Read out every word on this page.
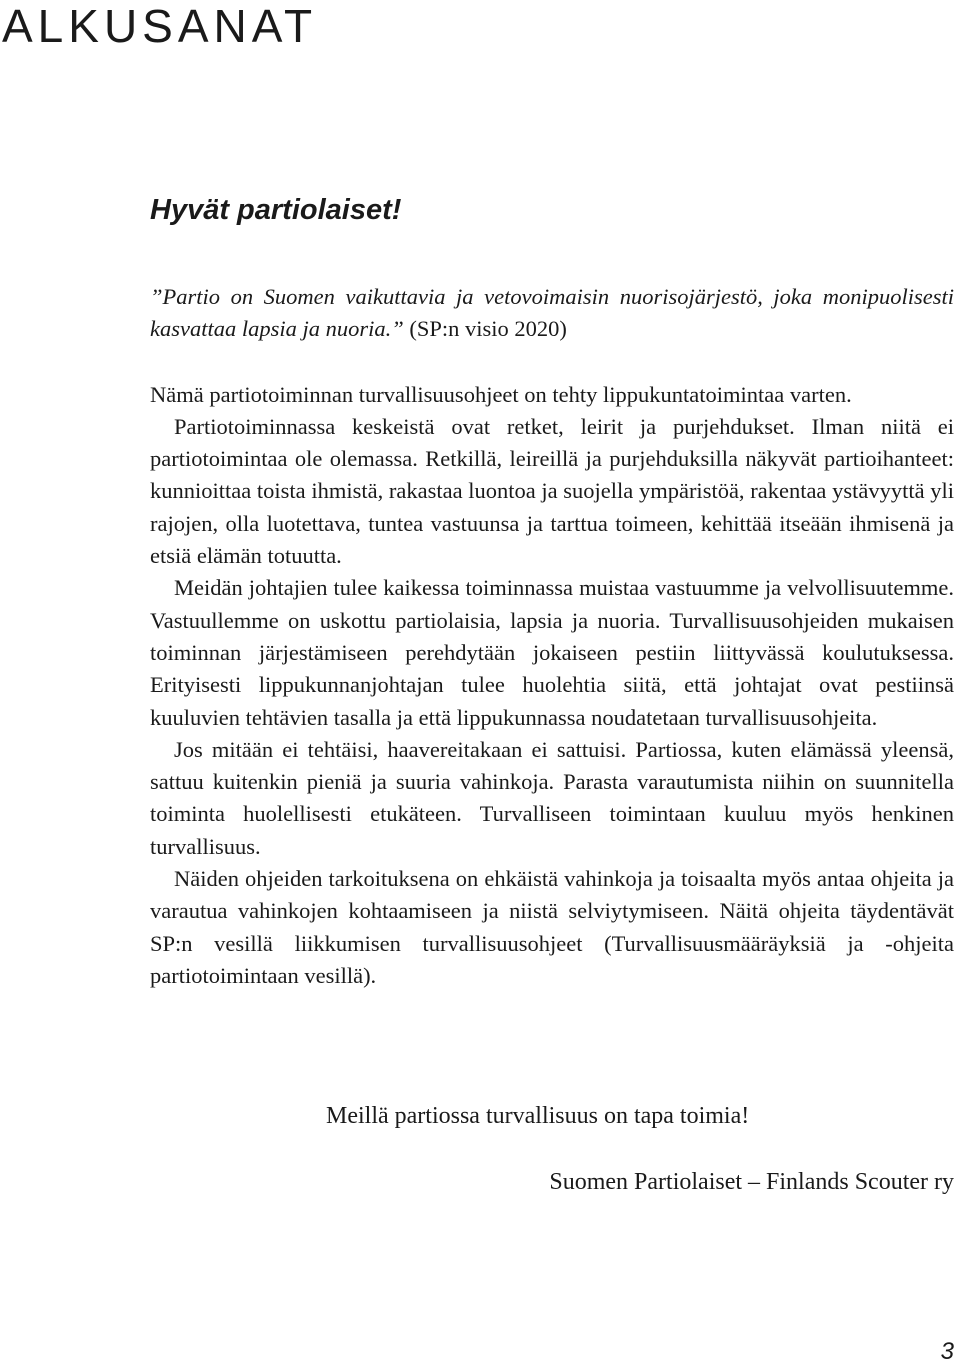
ALKUSANAT
Hyvät partiolaiset!

”Partio on Suomen vaikuttavia ja vetovoimaisin nuorisojärjestö, joka monipuolisesti kasvattaa lapsia ja nuoria.” (SP:n visio 2020)

Nämä partiotoiminnan turvallisuusohjeet on tehty lippukuntatoimintaa varten.

Partiotoiminnassa keskeistä ovat retket, leirit ja purjehdukset. Ilman niitä ei partiotoimintaa ole olemassa. Retkillä, leireillä ja purjehduksilla näkyvät partioihanteet: kunnioittaa toista ihmistä, rakastaa luontoa ja suojella ympäristöä, rakentaa ystävyyttä yli rajojen, olla luotettava, tuntea vastuunsa ja tarttua toimeen, kehittää itseään ihmisenä ja etsiä elämän totuutta.

Meidän johtajien tulee kaikessa toiminnassa muistaa vastuumme ja velvollisuutemme. Vastuullemme on uskottu partiolaisia, lapsia ja nuoria. Turvallisuusohjeiden mukaisen toiminnan järjestämiseen perehdytään jokaiseen pestiin liittyvässä koulutuksessa. Erityisesti lippukunnanjohtajan tulee huolehtia siitä, että johtajat ovat pestiinsä kuuluvien tehtävien tasalla ja että lippukunnassa noudatetaan turvallisuusohjeita.

Jos mitään ei tehtäisi, haavereitakaan ei sattuisi. Partiossa, kuten elämässä yleensä, sattuu kuitenkin pieniä ja suuria vahinkoja. Parasta varautumista niihin on suunnitella toiminta huolellisesti etukäteen. Turvalliseen toimintaan kuuluu myös henkinen turvallisuus.

Näiden ohjeiden tarkoituksena on ehkäistä vahinkoja ja toisaalta myös antaa ohjeita ja varautua vahinkojen kohtaamiseen ja niistä selviytymiseen. Näitä ohjeita täydentävät SP:n vesillä liikkumisen turvallisuusohjeet (Turvallisuusmääräyksiä ja -ohjeita partiotoimintaan vesillä).

Meillä partiossa turvallisuus on tapa toimia!

Suomen Partiolaiset – Finlands Scouter ry

3
